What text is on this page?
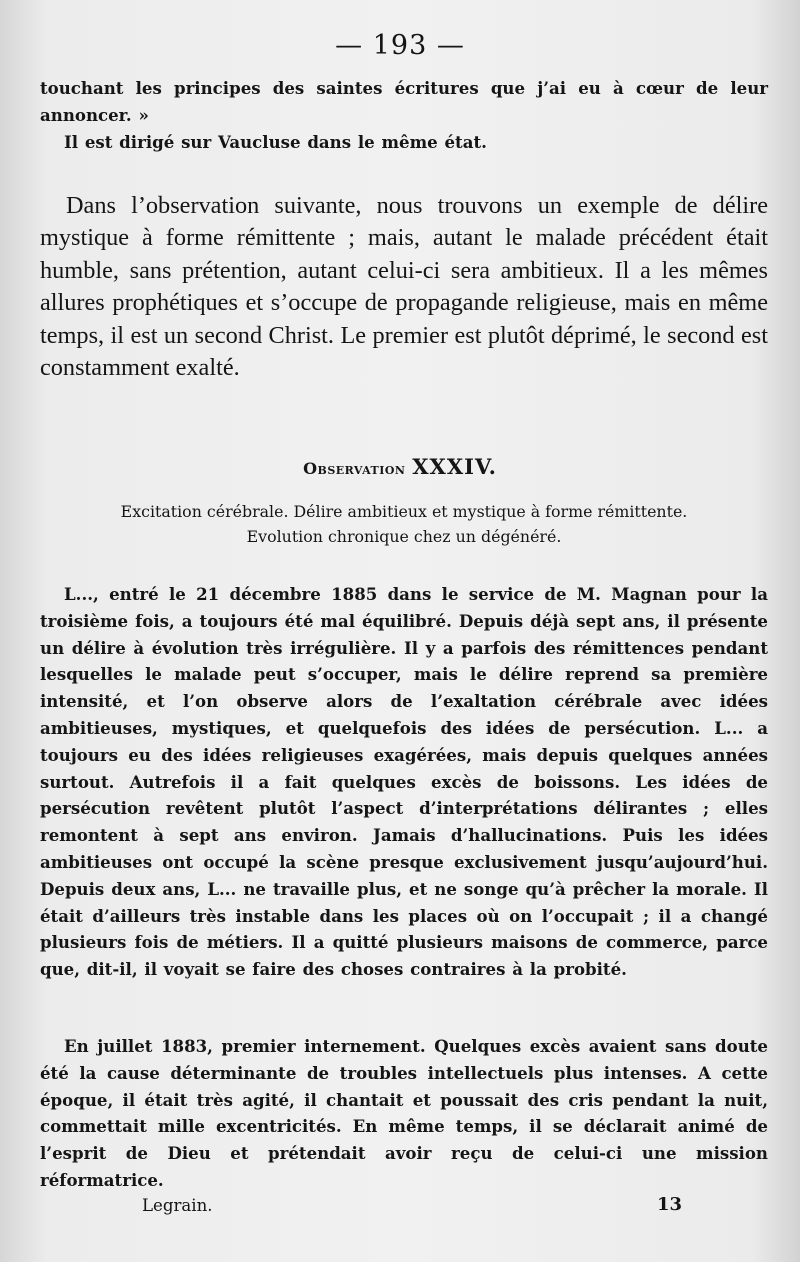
— 193 —

touchant les principes des saintes écritures que j’ai eu à cœur de leur annoncer. »

Il est dirigé sur Vaucluse dans le même état.

Dans l’observation suivante, nous trouvons un exemple de délire mystique à forme rémittente ; mais, autant le malade précédent était humble, sans prétention, autant celui-ci sera ambitieux. Il a les mêmes allures prophétiques et s’occupe de propagande religieuse, mais en même temps, il est un second Christ. Le premier est plutôt déprimé, le second est constamment exalté.

Observation XXXIV.
Excitation cérébrale. Délire ambitieux et mystique à forme rémittente.
Evolution chronique chez un dégénéré.

L..., entré le 21 décembre 1885 dans le service de M. Magnan pour la troisième fois, a toujours été mal équilibré. Depuis déjà sept ans, il présente un délire à évolution très irrégulière. Il y a parfois des rémittences pendant lesquelles le malade peut s’occuper, mais le délire reprend sa première intensité, et l’on observe alors de l’exaltation cérébrale avec idées ambitieuses, mystiques, et quelquefois des idées de persécution. L... a toujours eu des idées religieuses exagérées, mais depuis quelques années surtout. Autrefois il a fait quelques excès de boissons. Les idées de persécution revêtent plutôt l’aspect d’interprétations délirantes ; elles remontent à sept ans environ. Jamais d’hallucinations. Puis les idées ambitieuses ont occupé la scène presque exclusivement jusqu’aujourd’hui. Depuis deux ans, L... ne travaille plus, et ne songe qu’à prêcher la morale. Il était d’ailleurs très instable dans les places où on l’occupait ; il a changé plusieurs fois de métiers. Il a quitté plusieurs maisons de commerce, parce que, dit-il, il voyait se faire des choses contraires à la probité.

En juillet 1883, premier internement. Quelques excès avaient sans doute été la cause déterminante de troubles intellectuels plus intenses. A cette époque, il était très agité, il chantait et poussait des cris pendant la nuit, commettait mille excentricités. En même temps, il se déclarait animé de l’esprit de Dieu et prétendait avoir reçu de celui-ci une mission réformatrice.

Legrain.	13
